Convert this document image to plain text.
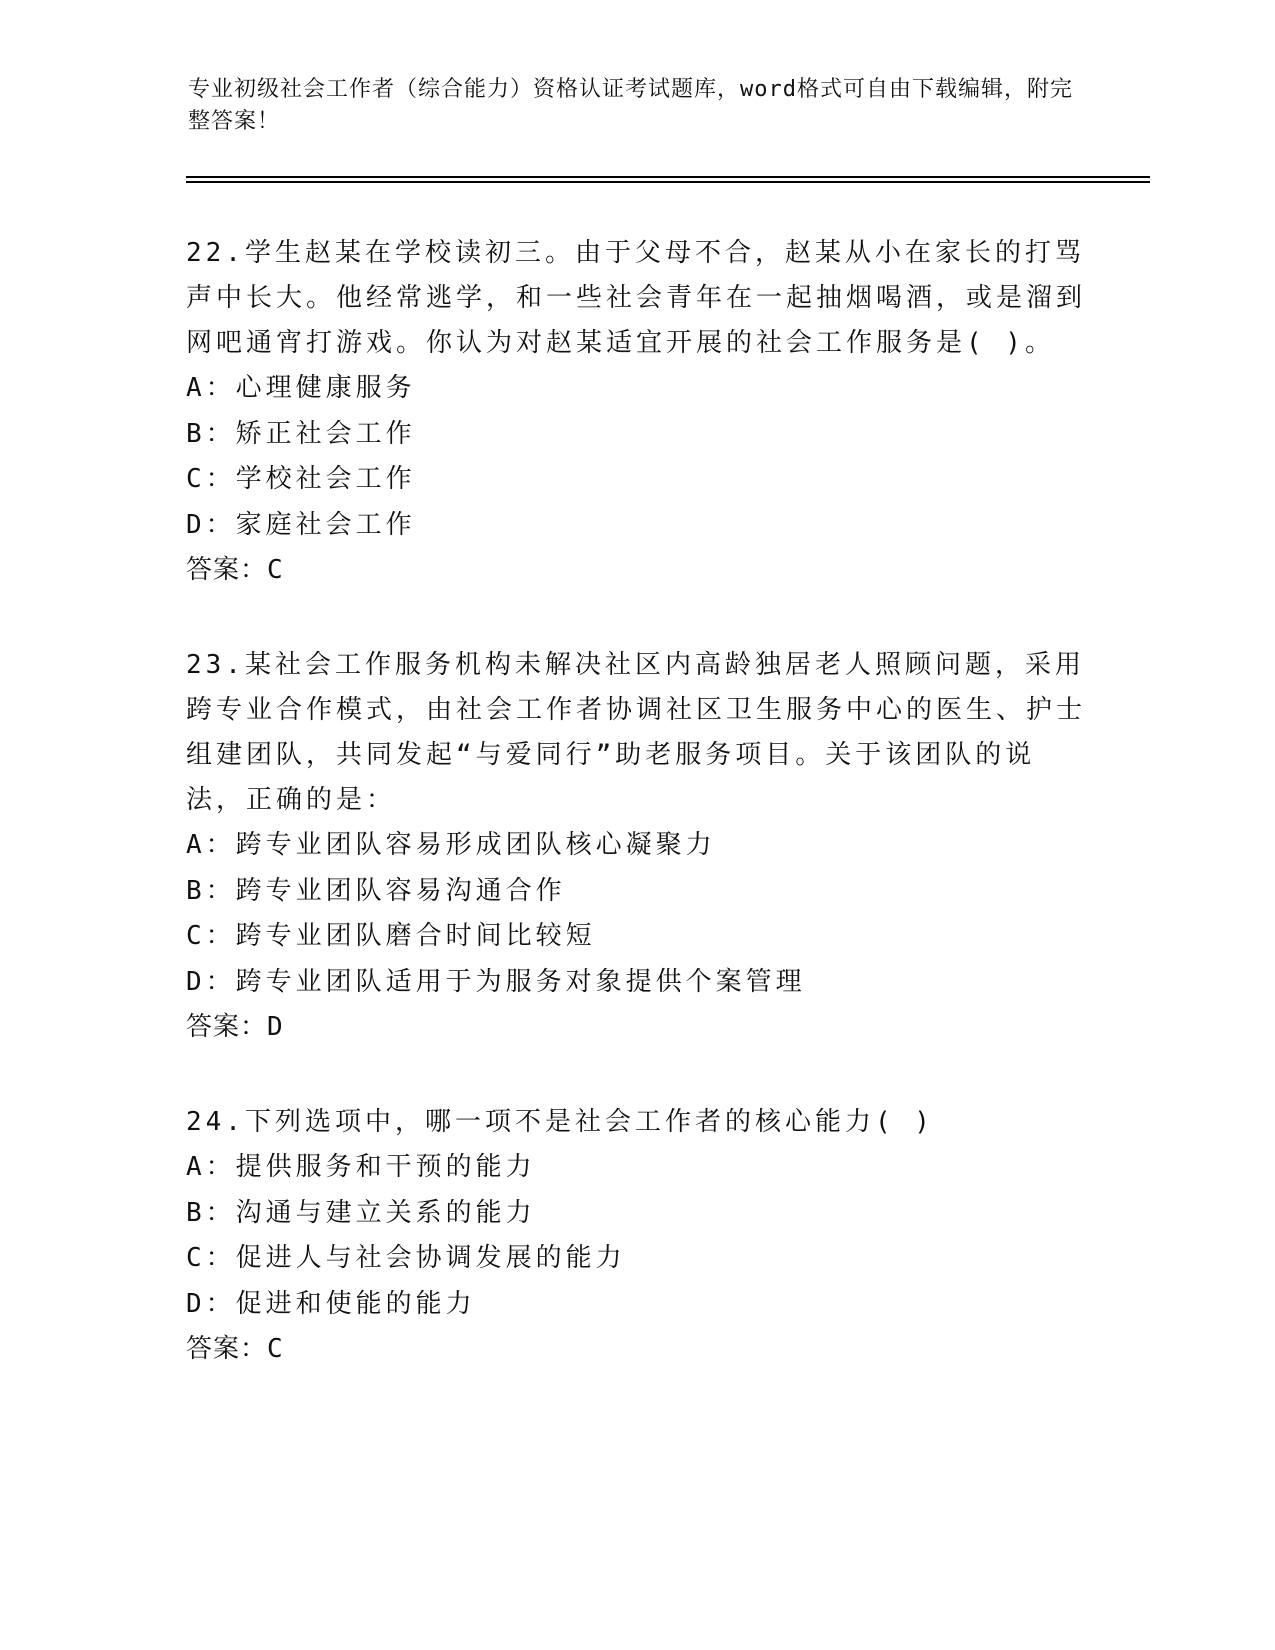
专业初级社会工作者（综合能力）资格认证考试题库，word格式可自由下载编辑，附完整答案！

22.学生赵某在学校读初三。由于父母不合，赵某从小在家长的打骂声中长大。他经常逃学，和一些社会青年在一起抽烟喝酒，或是溜到网吧通宵打游戏。你认为对赵某适宜开展的社会工作服务是( )。

A：心理健康服务
B：矫正社会工作
C：学校社会工作
D：家庭社会工作
答案：C

23.某社会工作服务机构未解决社区内高龄独居老人照顾问题，采用跨专业合作模式，由社会工作者协调社区卫生服务中心的医生、护士组建团队，共同发起“与爱同行”助老服务项目。关于该团队的说法，正确的是：

A：跨专业团队容易形成团队核心凝聚力
B：跨专业团队容易沟通合作
C：跨专业团队磨合时间比较短
D：跨专业团队适用于为服务对象提供个案管理
答案：D

24.下列选项中，哪一项不是社会工作者的核心能力( )

A：提供服务和干预的能力
B：沟通与建立关系的能力
C：促进人与社会协调发展的能力
D：促进和使能的能力
答案：C
